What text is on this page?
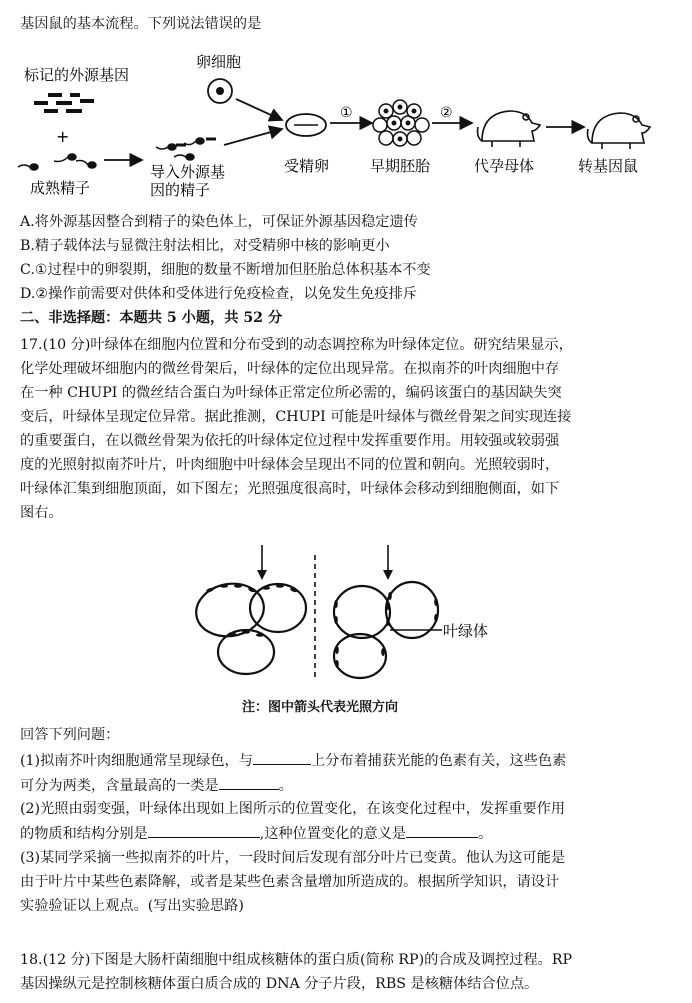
基因鼠的基本流程。下列说法错误的是
标记的外源基因
+
成熟精子
导入外源基
因的精子
卵细胞
受精卵
①
早期胚胎
②
代孕母体	转基因鼠
A.将外源基因整合到精子的染色体上，可保证外源基因稳定遗传
B.精子载体法与显微注射法相比，对受精卵中核的影响更小
C.①过程中的卵裂期，细胞的数量不断增加但胚胎总体积基本不变
D.②操作前需要对供体和受体进行免疫检查，以免发生免疫排斥
二、非选择题：本题共 5 小题，共 52 分
17.(10 分)叶绿体在细胞内位置和分布受到的动态调控称为叶绿体定位。研究结果显示，
化学处理破坏细胞内的微丝骨架后，叶绿体的定位出现异常。在拟南芥的叶肉细胞中存
在一种 CHUPI 的微丝结合蛋白为叶绿体正常定位所必需的，编码该蛋白的基因缺失突
变后，叶绿体呈现定位异常。据此推测，CHUPI 可能是叶绿体与微丝骨架之间实现连接
的重要蛋白，在以微丝骨架为依托的叶绿体定位过程中发挥重要作用。用较强或较弱强
度的光照射拟南芥叶片，叶肉细胞中叶绿体会呈现出不同的位置和朝向。光照较弱时，
叶绿体汇集到细胞顶面，如下图左；光照强度很高时，叶绿体会移动到细胞侧面，如下
图右。
叶绿体
注：图中箭头代表光照方向
回答下列问题：
(1)拟南芥叶肉细胞通常呈现绿色，与	上分布着捕获光能的色素有关，这些色素
可分为两类，含量最高的一类是	。
(2)光照由弱变强，叶绿体出现如上图所示的位置变化，在该变化过程中，发挥重要作用
的物质和结构分别是	,这种位置变化的意义是	。
(3)某同学采摘一些拟南芥的叶片，一段时间后发现有部分叶片已变黄。他认为这可能是
由于叶片中某些色素降解，或者是某些色素含量增加所造成的。根据所学知识，请设计
实验验证以上观点。(写出实验思路)
18.(12 分)下图是大肠杆菌细胞中组成核糖体的蛋白质(简称 RP)的合成及调控过程。RP
基因操纵元是控制核糖体蛋白质合成的 DNA 分子片段，RBS 是核糖体结合位点。
